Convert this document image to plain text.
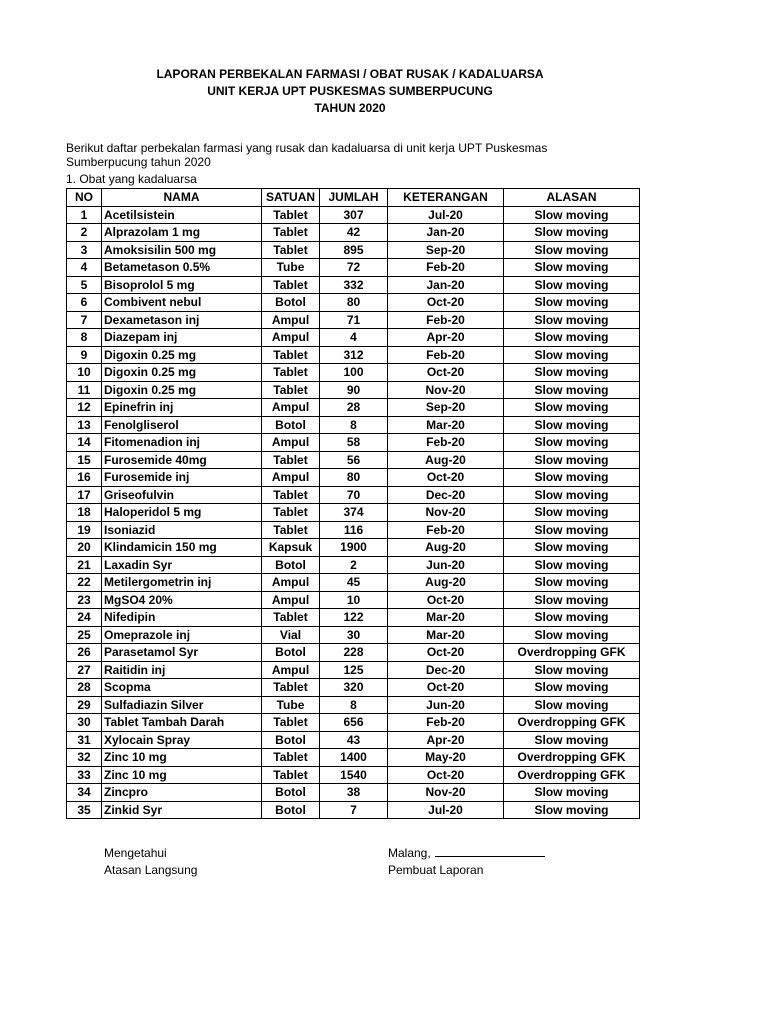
LAPORAN PERBEKALAN FARMASI / OBAT RUSAK / KADALUARSA
UNIT KERJA UPT PUSKESMAS SUMBERPUCUNG
TAHUN 2020
Berikut daftar perbekalan farmasi yang rusak dan kadaluarsa di unit kerja UPT Puskesmas
Sumberpucung tahun 2020
1. Obat yang kadaluarsa
NO	NAMA	SATUAN	JUMLAH	KETERANGAN	ALASAN
1	Acetilsistein	Tablet	307	Jul-20	Slow moving
2	Alprazolam 1 mg	Tablet	42	Jan-20	Slow moving
3	Amoksisilin 500 mg	Tablet	895	Sep-20	Slow moving
4	Betametason 0.5%	Tube	72	Feb-20	Slow moving
5	Bisoprolol 5 mg	Tablet	332	Jan-20	Slow moving
6	Combivent nebul	Botol	80	Oct-20	Slow moving
7	Dexametason inj	Ampul	71	Feb-20	Slow moving
8	Diazepam inj	Ampul	4	Apr-20	Slow moving
9	Digoxin 0.25 mg	Tablet	312	Feb-20	Slow moving
10	Digoxin 0.25 mg	Tablet	100	Oct-20	Slow moving
11	Digoxin 0.25 mg	Tablet	90	Nov-20	Slow moving
12	Epinefrin inj	Ampul	28	Sep-20	Slow moving
13	Fenolgliserol	Botol	8	Mar-20	Slow moving
14	Fitomenadion inj	Ampul	58	Feb-20	Slow moving
15	Furosemide 40mg	Tablet	56	Aug-20	Slow moving
16	Furosemide inj	Ampul	80	Oct-20	Slow moving
17	Griseofulvin	Tablet	70	Dec-20	Slow moving
18	Haloperidol 5 mg	Tablet	374	Nov-20	Slow moving
19	Isoniazid	Tablet	116	Feb-20	Slow moving
20	Klindamicin 150 mg	Kapsuk	1900	Aug-20	Slow moving
21	Laxadin Syr	Botol	2	Jun-20	Slow moving
22	Metilergometrin inj	Ampul	45	Aug-20	Slow moving
23	MgSO4 20%	Ampul	10	Oct-20	Slow moving
24	Nifedipin	Tablet	122	Mar-20	Slow moving
25	Omeprazole inj	Vial	30	Mar-20	Slow moving
26	Parasetamol Syr	Botol	228	Oct-20	Overdropping GFK
27	Raitidin inj	Ampul	125	Dec-20	Slow moving
28	Scopma	Tablet	320	Oct-20	Slow moving
29	Sulfadiazin Silver	Tube	8	Jun-20	Slow moving
30	Tablet Tambah Darah	Tablet	656	Feb-20	Overdropping GFK
31	Xylocain Spray	Botol	43	Apr-20	Slow moving
32	Zinc 10 mg	Tablet	1400	May-20	Overdropping GFK
33	Zinc 10 mg	Tablet	1540	Oct-20	Overdropping GFK
34	Zincpro	Botol	38	Nov-20	Slow moving
35	Zinkid Syr	Botol	7	Jul-20	Slow moving
Mengetahui
Atasan Langsung
Malang,
Pembuat Laporan
